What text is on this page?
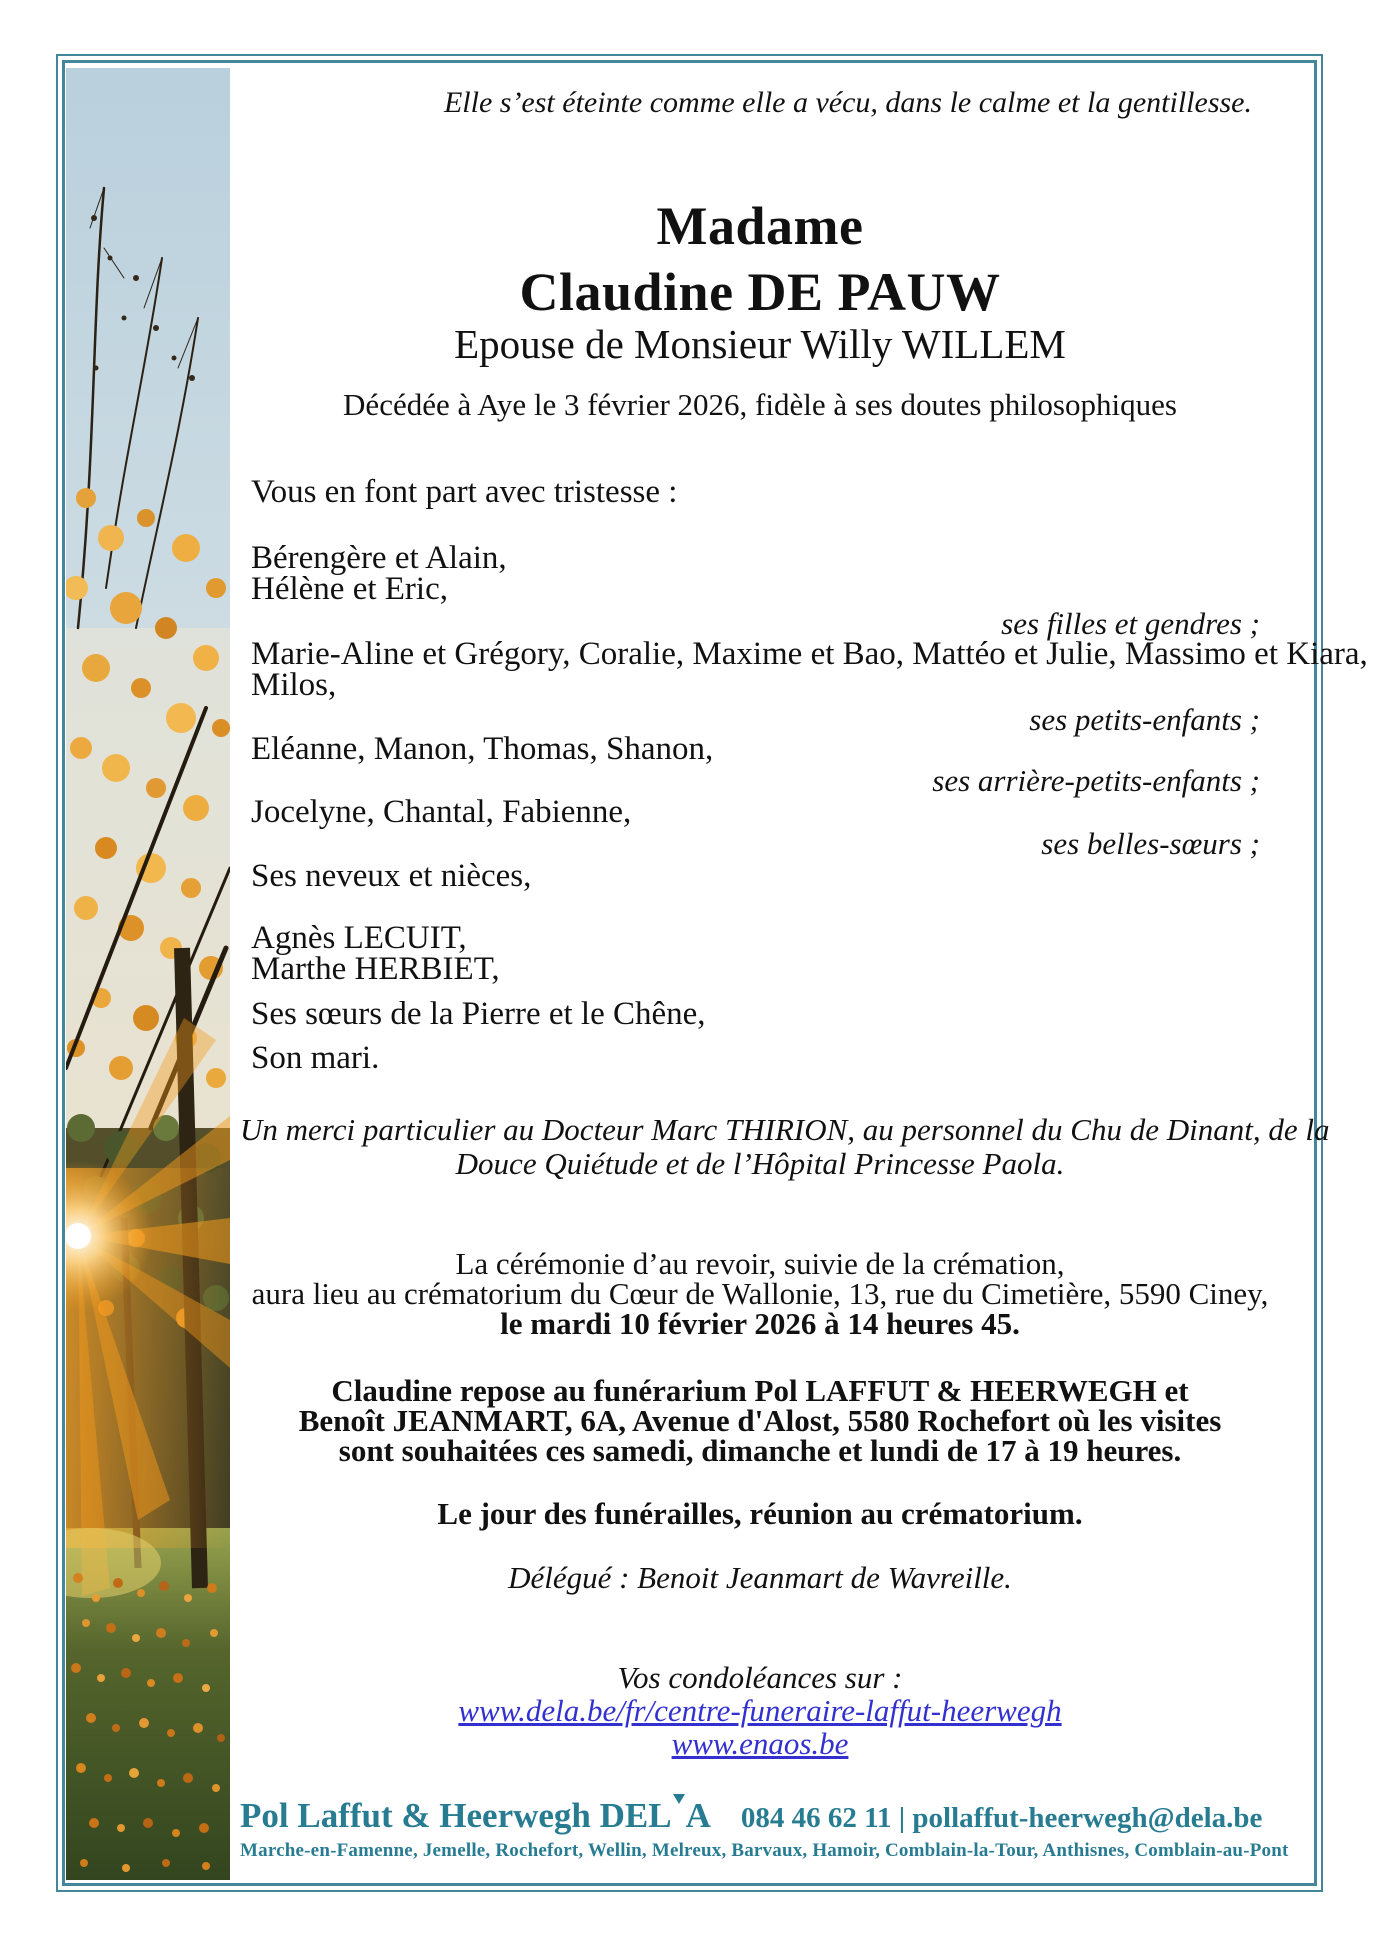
Elle s’est éteinte comme elle a vécu, dans le calme et la gentillesse.
Madame
Claudine DE PAUW
Epouse de Monsieur Willy WILLEM
Décédée à Aye le 3 février 2026, fidèle à ses doutes philosophiques
Vous en font part avec tristesse :
Bérengère et Alain,
Hélène et Eric,
ses filles et gendres ;
Marie-Aline et Grégory, Coralie, Maxime et Bao, Mattéo et Julie, Massimo et Kiara,
Milos,
ses petits-enfants ;
Eléanne, Manon, Thomas, Shanon,
ses arrière-petits-enfants ;
Jocelyne, Chantal, Fabienne,
ses belles-sœurs ;
Ses neveux et nièces,
Agnès LECUIT,
Marthe HERBIET,
Ses sœurs de la Pierre et le Chêne,
Son mari.
Un merci particulier au Docteur Marc THIRION, au personnel du Chu de Dinant, de la
Douce Quiétude et de l’Hôpital Princesse Paola.
La cérémonie d’au revoir, suivie de la crémation,
aura lieu au crématorium du Cœur de Wallonie, 13, rue du Cimetière, 5590 Ciney,
le mardi 10 février 2026 à 14 heures 45.
Claudine repose au funérarium Pol LAFFUT & HEERWEGH et
Benoît JEANMART, 6A, Avenue d'Alost, 5580 Rochefort où les visites
sont souhaitées ces samedi, dimanche et lundi de 17 à 19 heures.
Le jour des funérailles, réunion au crématorium.
Délégué : Benoit Jeanmart de Wavreille.
Vos condoléances sur :
www.dela.be/fr/centre-funeraire-laffut-heerwegh
www.enaos.be
Pol Laffut & Heerwegh DEL A 084 46 62 11 | pollaffut-heerwegh@dela.be
Marche-en-Famenne, Jemelle, Rochefort, Wellin, Melreux, Barvaux, Hamoir, Comblain-la-Tour, Anthisnes, Comblain-au-Pont
